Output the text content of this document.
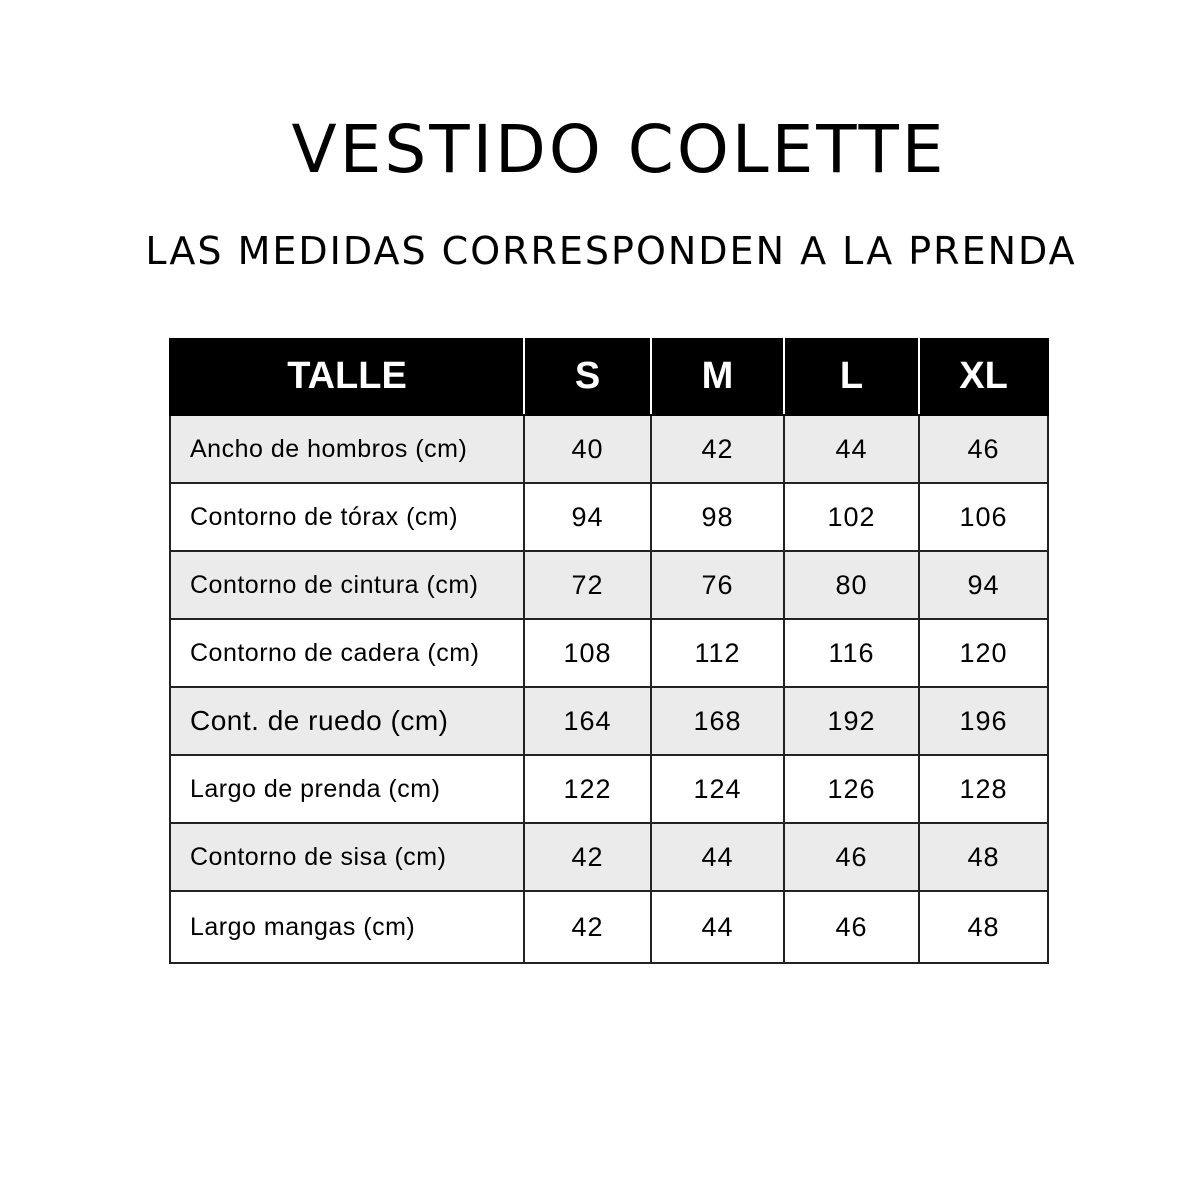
VESTIDO COLETTE
LAS MEDIDAS CORRESPONDEN A LA PRENDA
TALLE	S	M	L	XL
Ancho de hombros (cm)	40	42	44	46
Contorno de tórax (cm)	94	98	102	106
Contorno de cintura (cm)	72	76	80	94
Contorno de cadera (cm)	108	112	116	120
Cont. de ruedo (cm)	164	168	192	196
Largo de prenda (cm)	122	124	126	128
Contorno de sisa (cm)	42	44	46	48
Largo mangas (cm)	42	44	46	48
